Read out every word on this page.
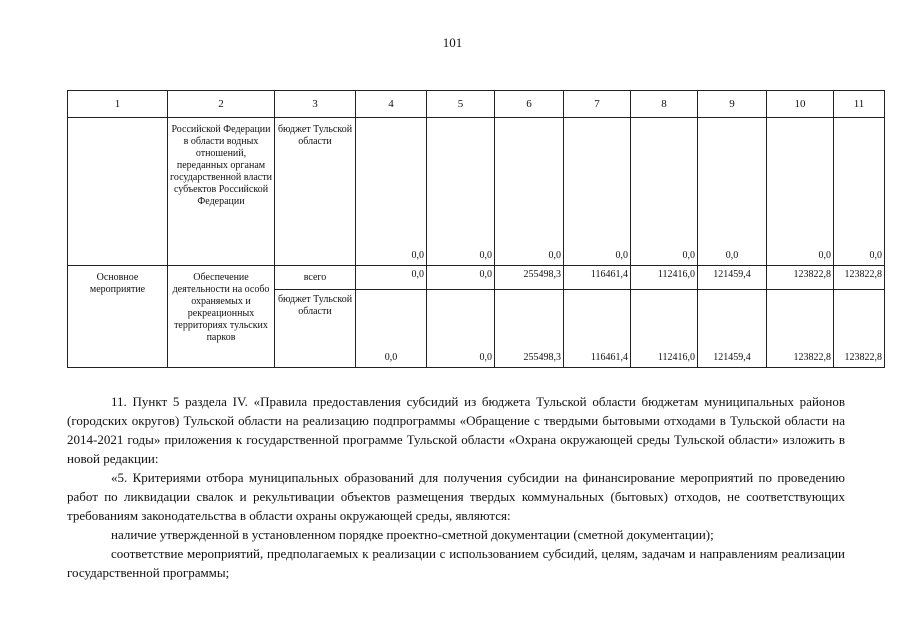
101
1	2	3	4	5	6	7	8	9	10	11
	Российской Федерации в области водных отношений, переданных органам государственной власти субъектов Российской Федерации	бюджет Тульской области	0,0	0,0	0,0	0,0	0,0	0,0	0,0	0,0
Основное мероприятие	Обеспечение деятельности на особо охраняемых и рекреационных территориях тульских парков	всего	0,0	0,0	255498,3	116461,4	112416,0	121459,4	123822,8	123822,8
		бюджет Тульской области	0,0	0,0	255498,3	116461,4	112416,0	121459,4	123822,8	123822,8

11. Пункт 5 раздела IV. «Правила предоставления субсидий из бюджета Тульской области бюджетам муниципальных районов (городских округов) Тульской области на реализацию подпрограммы «Обращение с твердыми бытовыми отходами в Тульской области на 2014-2021 годы» приложения к государственной программе Тульской области «Охрана окружающей среды Тульской области» изложить в новой редакции:

«5. Критериями отбора муниципальных образований для получения субсидии на финансирование мероприятий по проведению работ по ликвидации свалок и рекультивации объектов размещения твердых коммунальных (бытовых) отходов, не соответствующих требованиям законодательства в области охраны окружающей среды, являются:

наличие утвержденной в установленном порядке проектно-сметной документации (сметной документации);

соответствие мероприятий, предполагаемых к реализации с использованием субсидий, целям, задачам и направлениям реализации государственной программы;
